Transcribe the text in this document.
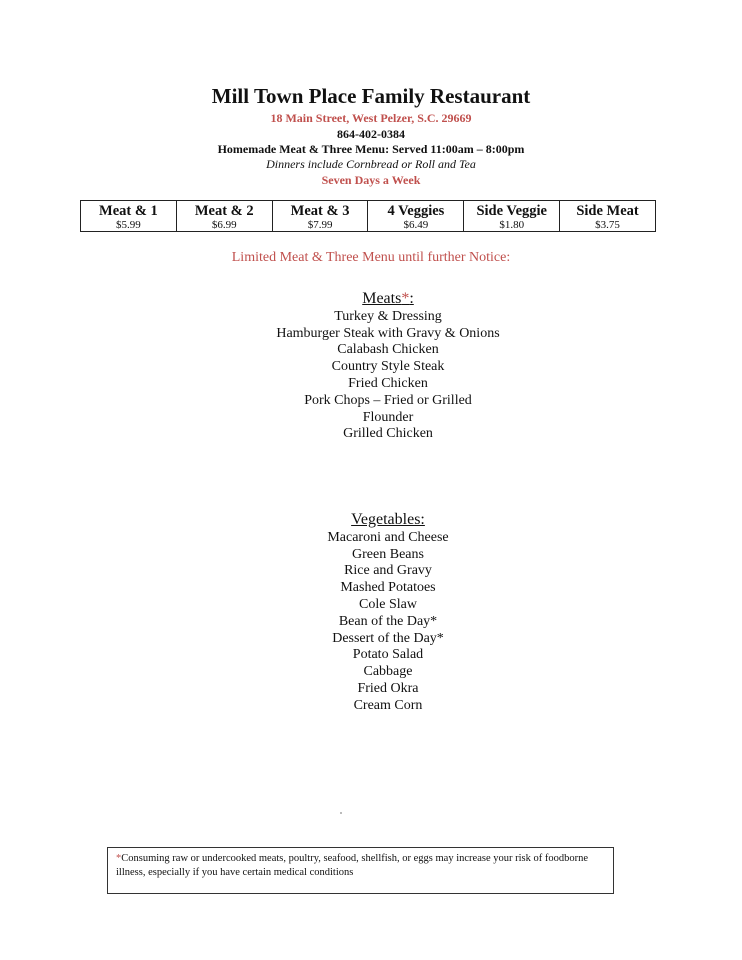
Mill Town Place Family Restaurant
18 Main Street, West Pelzer, S.C. 29669
864-402-0384
Homemade Meat & Three Menu: Served 11:00am – 8:00pm
Dinners include Cornbread or Roll and Tea
Seven Days a Week
Meat & 1
$5.99
Meat & 2
$6.99
Meat & 3
$7.99
4 Veggies
$6.49
Side Veggie
$1.80
Side Meat
$3.75
Limited Meat & Three Menu until further Notice:
Meats*:
Turkey & Dressing
Hamburger Steak with Gravy & Onions
Calabash Chicken
Country Style Steak
Fried Chicken
Pork Chops – Fried or Grilled
Flounder
Grilled Chicken
Vegetables:
Macaroni and Cheese
Green Beans
Rice and Gravy
Mashed Potatoes
Cole Slaw
Bean of the Day*
Dessert of the Day*
Potato Salad
Cabbage
Fried Okra
Cream Corn
*Consuming raw or undercooked meats, poultry, seafood, shellfish, or eggs may increase your risk of foodborne illness, especially if you have certain medical conditions
